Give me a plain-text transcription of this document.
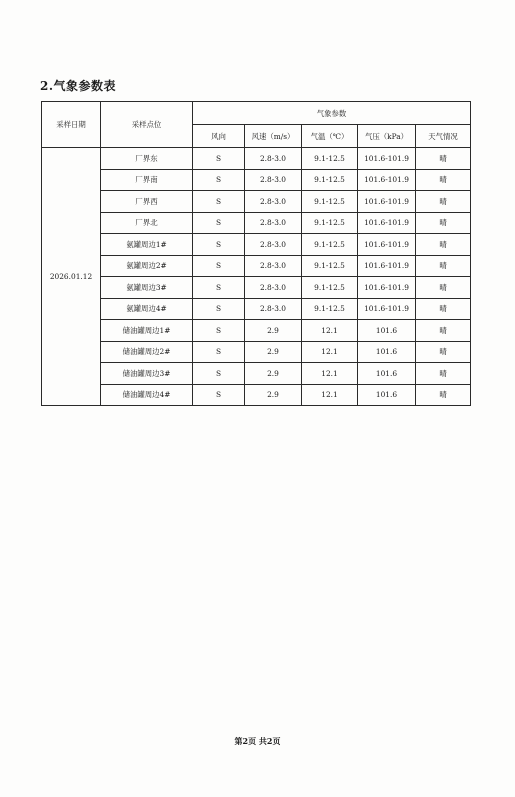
2.气象参数表
采样日期	采样点位	气象参数				
		风向	风速（m/s）	气温（℃）	气压（kPa）	天气情况
2026.01.12	厂界东	S	2.8-3.0	9.1-12.5	101.6-101.9	晴
	厂界南	S	2.8-3.0	9.1-12.5	101.6-101.9	晴
	厂界西	S	2.8-3.0	9.1-12.5	101.6-101.9	晴
	厂界北	S	2.8-3.0	9.1-12.5	101.6-101.9	晴
	氨罐周边1#	S	2.8-3.0	9.1-12.5	101.6-101.9	晴
	氨罐周边2#	S	2.8-3.0	9.1-12.5	101.6-101.9	晴
	氨罐周边3#	S	2.8-3.0	9.1-12.5	101.6-101.9	晴
	氨罐周边4#	S	2.8-3.0	9.1-12.5	101.6-101.9	晴
	储油罐周边1#	S	2.9	12.1	101.6	晴
	储油罐周边2#	S	2.9	12.1	101.6	晴
	储油罐周边3#	S	2.9	12.1	101.6	晴
	储油罐周边4#	S	2.9	12.1	101.6	晴
第2页 共2页
